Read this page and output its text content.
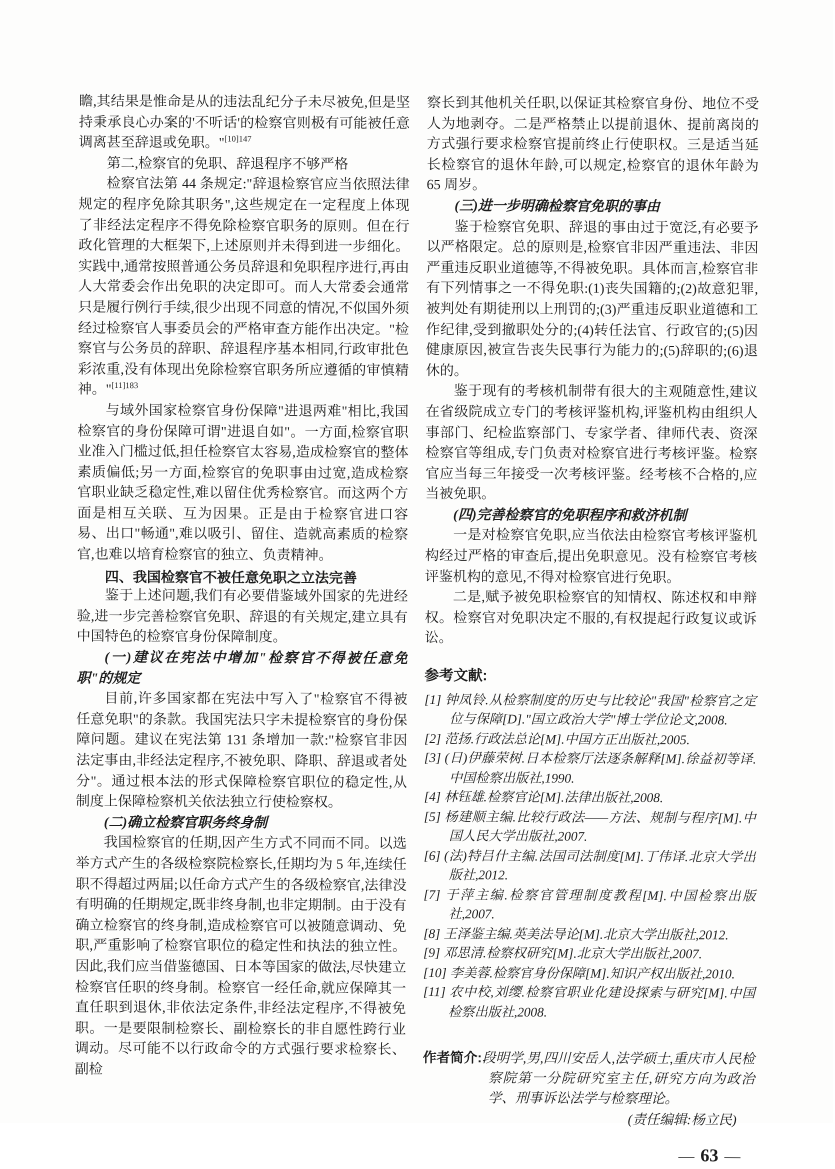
瞻,其结果是惟命是从的违法乱纪分子未尽被免,但是坚持秉承良心办案的'不听话'的检察官则极有可能被任意调离甚至辞退或免职。"$^{[10]147}$

第二,检察官的免职、辞退程序不够严格

检察官法第 44 条规定:"辞退检察官应当依照法律规定的程序免除其职务",这些规定在一定程度上体现了非经法定程序不得免除检察官职务的原则。但在行政化管理的大框架下,上述原则并未得到进一步细化。实践中,通常按照普通公务员辞退和免职程序进行,再由人大常委会作出免职的决定即可。而人大常委会通常只是履行例行手续,很少出现不同意的情况,不似国外须经过检察官人事委员会的严格审查方能作出决定。"检察官与公务员的辞职、辞退程序基本相同,行政审批色彩浓重,没有体现出免除检察官职务所应遵循的审慎精神。"$^{[11]183}$

与域外国家检察官身份保障"进退两难"相比,我国检察官的身份保障可谓"进退自如"。一方面,检察官职业准入门槛过低,担任检察官太容易,造成检察官的整体素质偏低;另一方面,检察官的免职事由过宽,造成检察官职业缺乏稳定性,难以留住优秀检察官。而这两个方面是相互关联、互为因果。正是由于检察官进口容易、出口"畅通",难以吸引、留住、造就高素质的检察官,也难以培育检察官的独立、负责精神。

四、我国检察官不被任意免职之立法完善

鉴于上述问题,我们有必要借鉴域外国家的先进经验,进一步完善检察官免职、辞退的有关规定,建立具有中国特色的检察官身份保障制度。

(一)建议在宪法中增加"检察官不得被任意免职"的规定

目前,许多国家都在宪法中写入了"检察官不得被任意免职"的条款。我国宪法只字未提检察官的身份保障问题。建议在宪法第 131 条增加一款:"检察官非因法定事由,非经法定程序,不被免职、降职、辞退或者处分"。通过根本法的形式保障检察官职位的稳定性,从制度上保障检察机关依法独立行使检察权。

(二)确立检察官职务终身制

我国检察官的任期,因产生方式不同而不同。以选举方式产生的各级检察院检察长,任期均为 5 年,连续任职不得超过两届;以任命方式产生的各级检察官,法律没有明确的任期规定,既非终身制,也非定期制。由于没有确立检察官的终身制,造成检察官可以被随意调动、免职,严重影响了检察官职位的稳定性和执法的独立性。因此,我们应当借鉴德国、日本等国家的做法,尽快建立检察官任职的终身制。检察官一经任命,就应保障其一直任职到退休,非依法定条件,非经法定程序,不得被免职。一是要限制检察长、副检察长的非自愿性跨行业调动。尽可能不以行政命令的方式强行要求检察长、副检

察长到其他机关任职,以保证其检察官身份、地位不受人为地剥夺。二是严格禁止以提前退休、提前离岗的方式强行要求检察官提前终止行使职权。三是适当延长检察官的退休年龄,可以规定,检察官的退休年龄为 65 周岁。

(三)进一步明确检察官免职的事由

鉴于检察官免职、辞退的事由过于宽泛,有必要予以严格限定。总的原则是,检察官非因严重违法、非因严重违反职业道德等,不得被免职。具体而言,检察官非有下列情事之一不得免职:(1)丧失国籍的;(2)故意犯罪,被判处有期徒刑以上刑罚的;(3)严重违反职业道德和工作纪律,受到撤职处分的;(4)转任法官、行政官的;(5)因健康原因,被宣告丧失民事行为能力的;(5)辞职的;(6)退休的。

鉴于现有的考核机制带有很大的主观随意性,建议在省级院成立专门的考核评鉴机构,评鉴机构由组织人事部门、纪检监察部门、专家学者、律师代表、资深检察官等组成,专门负责对检察官进行考核评鉴。检察官应当每三年接受一次考核评鉴。经考核不合格的,应当被免职。

(四)完善检察官的免职程序和救济机制

一是对检察官免职,应当依法由检察官考核评鉴机构经过严格的审查后,提出免职意见。没有检察官考核评鉴机构的意见,不得对检察官进行免职。

二是,赋予被免职检察官的知情权、陈述权和申辩权。检察官对免职决定不服的,有权提起行政复议或诉讼。

参考文献:

[1] 钟凤铃.从检察制度的历史与比较论"我国"检察官之定位与保障[D]."国立政治大学"博士学位论文,2008.

[2] 范扬.行政法总论[M].中国方正出版社,2005.

[3] (日)伊藤荣树.日本检察厅法逐条解释[M].徐益初等译.中国检察出版社,1990.

[4] 林钰雄.检察官论[M].法律出版社,2008.

[5] 杨建顺主编.比较行政法——方法、规制与程序[M].中国人民大学出版社,2007.

[6] (法)特吕什主编.法国司法制度[M].丁伟译.北京大学出版社,2012.

[7] 于萍主编.检察官管理制度教程[M].中国检察出版社,2007.

[8] 王泽鉴主编.英美法导论[M].北京大学出版社,2012.

[9] 邓思清.检察权研究[M].北京大学出版社,2007.

[10] 李美蓉.检察官身份保障[M].知识产权出版社,2010.

[11] 农中校,刘缨.检察官职业化建设探索与研究[M].中国检察出版社,2008.

作者简介:段明学,男,四川安岳人,法学硕士,重庆市人民检察院第一分院研究室主任,研究方向为政治学、刑事诉讼法学与检察理论。

(责任编辑:杨立民)

— 63 —
